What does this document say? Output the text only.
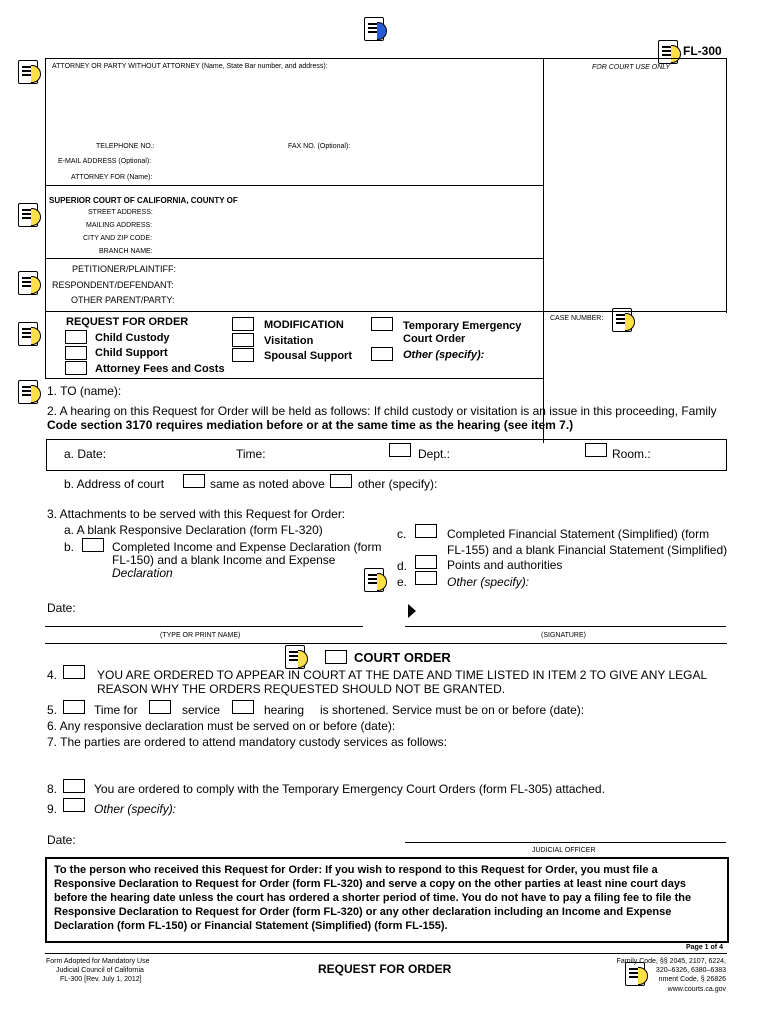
FL-300
FOR COURT USE ONLY
ATTORNEY OR PARTY WITHOUT ATTORNEY (Name, State Bar number, and address):
TELEPHONE NO.:	FAX NO. (Optional):
E-MAIL ADDRESS (Optional):
ATTORNEY FOR (Name):
SUPERIOR COURT OF CALIFORNIA, COUNTY OF
STREET ADDRESS:
MAILING ADDRESS:
CITY AND ZIP CODE:
BRANCH NAME:
PETITIONER/PLAINTIFF:
RESPONDENT/DEFENDANT:
OTHER PARENT/PARTY:
CASE NUMBER:
REQUEST FOR ORDER
Child Custody
Child Support
Attorney Fees and Costs
MODIFICATION
Visitation
Spousal Support
Temporary Emergency
Court Order
Other (specify):
1. TO (name):
2. A hearing on this Request for Order will be held as follows: If child custody or visitation is an issue in this proceeding, Family
Code section 3170 requires mediation before or at the same time as the hearing (see item 7.)
a. Date:	Time:	Dept.:	Room.:
b. Address of court	same as noted above	other (specify):
3. Attachments to be served with this Request for Order:
a. A blank Responsive Declaration (form FL-320)
b.	Completed Income and Expense Declaration (form
FL-150) and a blank Income and Expense
Declaration
c.	Completed Financial Statement (Simplified) (form
FL-155) and a blank Financial Statement (Simplified)
d.	Points and authorities
e.	Other (specify):
Date:
(TYPE OR PRINT NAME)	(SIGNATURE)
COURT ORDER
4.	YOU ARE ORDERED TO APPEAR IN COURT AT THE DATE AND TIME LISTED IN ITEM 2 TO GIVE ANY LEGAL
REASON WHY THE ORDERS REQUESTED SHOULD NOT BE GRANTED.
5.	Time for	service	hearing is shortened. Service must be on or before (date):
6. Any responsive declaration must be served on or before (date):
7. The parties are ordered to attend mandatory custody services as follows:
8.	You are ordered to comply with the Temporary Emergency Court Orders (form FL-305) attached.
9.	Other (specify):
Date:
JUDICIAL OFFICER
To the person who received this Request for Order: If you wish to respond to this Request for Order, you must file a
Responsive Declaration to Request for Order (form FL-320) and serve a copy on the other parties at least nine court days
before the hearing date unless the court has ordered a shorter period of time. You do not have to pay a filing fee to file the
Responsive Declaration to Request for Order (form FL-320) or any other declaration including an Income and Expense
Declaration (form FL-150) or Financial Statement (Simplified) (form FL-155).
Page 1 of 4
Form Adopted for Mandatory Use
Judicial Council of California
FL-300 [Rev. July 1, 2012]
REQUEST FOR ORDER
Family Code, §§ 2045, 2107, 6224,
320–6326, 6380–6383
nment Code, § 26826
www.courts.ca.gov
